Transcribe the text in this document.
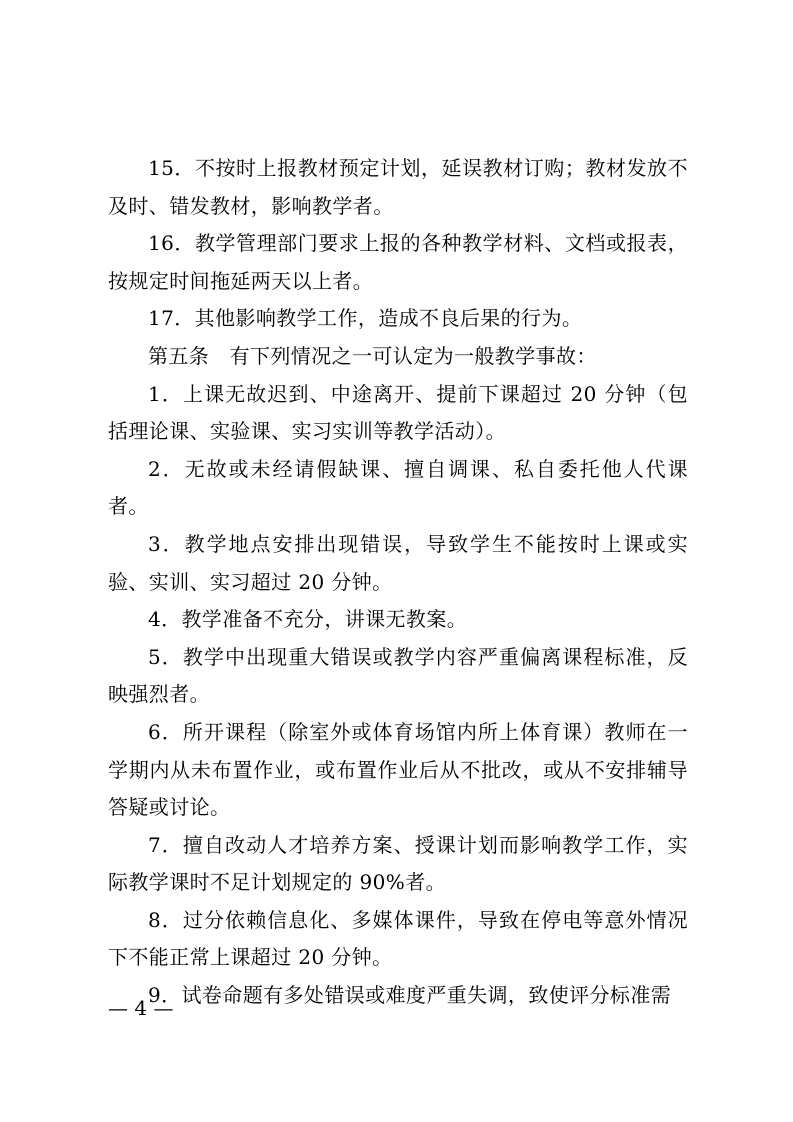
15．不按时上报教材预定计划，延误教材订购；教材发放不及时、错发教材，影响教学者。

16．教学管理部门要求上报的各种教学材料、文档或报表，按规定时间拖延两天以上者。

17．其他影响教学工作，造成不良后果的行为。

第五条　有下列情况之一可认定为一般教学事故：

1．上课无故迟到、中途离开、提前下课超过 20 分钟（包括理论课、实验课、实习实训等教学活动）。

2．无故或未经请假缺课、擅自调课、私自委托他人代课者。

3．教学地点安排出现错误，导致学生不能按时上课或实验、实训、实习超过 20 分钟。

4．教学准备不充分，讲课无教案。

5．教学中出现重大错误或教学内容严重偏离课程标准，反映强烈者。

6．所开课程（除室外或体育场馆内所上体育课）教师在一学期内从未布置作业，或布置作业后从不批改，或从不安排辅导答疑或讨论。

7．擅自改动人才培养方案、授课计划而影响教学工作，实际教学课时不足计划规定的 90%者。

8．过分依赖信息化、多媒体课件，导致在停电等意外情况下不能正常上课超过 20 分钟。

9．试卷命题有多处错误或难度严重失调，致使评分标准需

— 4 —
